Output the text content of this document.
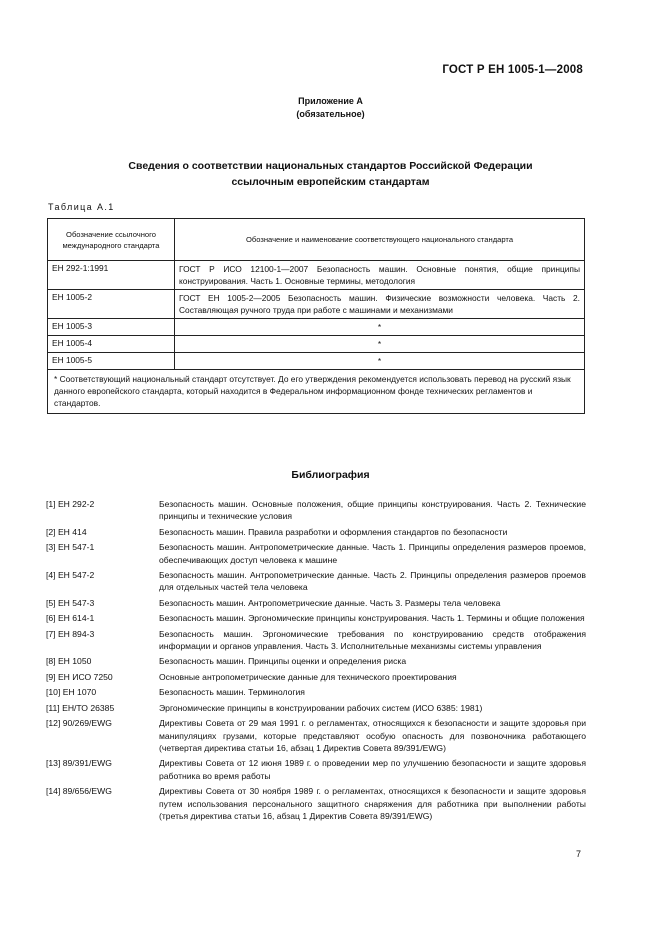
ГОСТ Р ЕН 1005-1—2008
Приложение А
(обязательное)
Сведения о соответствии национальных стандартов Российской Федерации
ссылочным европейским стандартам
Таблица А.1
Обозначение ссылочного
международного стандарта	Обозначение и наименование соответствующего национального стандарта
ЕН 292-1:1991	ГОСТ Р ИСО 12100-1—2007 Безопасность машин. Основные понятия, общие принципы конструирования. Часть 1. Основные термины, методология
ЕН 1005-2	ГОСТ ЕН 1005-2—2005 Безопасность машин. Физические возможности человека. Часть 2. Составляющая ручного труда при работе с машинами и механизмами
ЕН 1005-3	*
ЕН 1005-4	*
ЕН 1005-5	*
* Соответствующий национальный стандарт отсутствует. До его утверждения рекомендуется использовать перевод на русский язык данного европейского стандарта, который находится в Федеральном информационном фонде технических регламентов и стандартов.	
Библиография
[1] ЕН 292-2	Безопасность машин. Основные положения, общие принципы конструирования. Часть 2. Технические принципы и технические условия
[2] ЕН 414	Безопасность машин. Правила разработки и оформления стандартов по безопасности
[3] ЕН 547-1	Безопасность машин. Антропометрические данные. Часть 1. Принципы определения размеров проемов, обеспечивающих доступ человека к машине
[4] ЕН 547-2	Безопасность машин. Антропометрические данные. Часть 2. Принципы определения размеров проемов для отдельных частей тела человека
[5] ЕН 547-3	Безопасность машин. Антропометрические данные. Часть 3. Размеры тела человека
[6] ЕН 614-1	Безопасность машин. Эргономические принципы конструирования. Часть 1. Термины и общие положения
[7] ЕН 894-3	Безопасность машин. Эргономические требования по конструированию средств отображения информации и органов управления. Часть 3. Исполнительные механизмы системы управления
[8] ЕН 1050	Безопасность машин. Принципы оценки и определения риска
[9] ЕН ИСО 7250	Основные антропометрические данные для технического проектирования
[10] ЕН 1070	Безопасность машин. Терминология
[11] ЕН/ТО 26385	Эргономические принципы в конструировании рабочих систем (ИСО 6385: 1981)
[12] 90/269/EWG	Директивы Совета от 29 мая 1991 г. о регламентах, относящихся к безопасности и защите здоровья при манипуляциях грузами, которые представляют особую опасность для позвоночника работающего (четвертая директива статьи 16, абзац 1 Директив Совета 89/391/EWG)
[13] 89/391/EWG	Директивы Совета от 12 июня 1989 г. о проведении мер по улучшению безопасности и защите здоровья работника во время работы
[14] 89/656/EWG	Директивы Совета от 30 ноября 1989 г. о регламентах, относящихся к безопасности и защите здоровья путем использования персонального защитного снаряжения для работника при выполнении работы (третья директива статьи 16, абзац 1 Директив Совета 89/391/EWG)
7
